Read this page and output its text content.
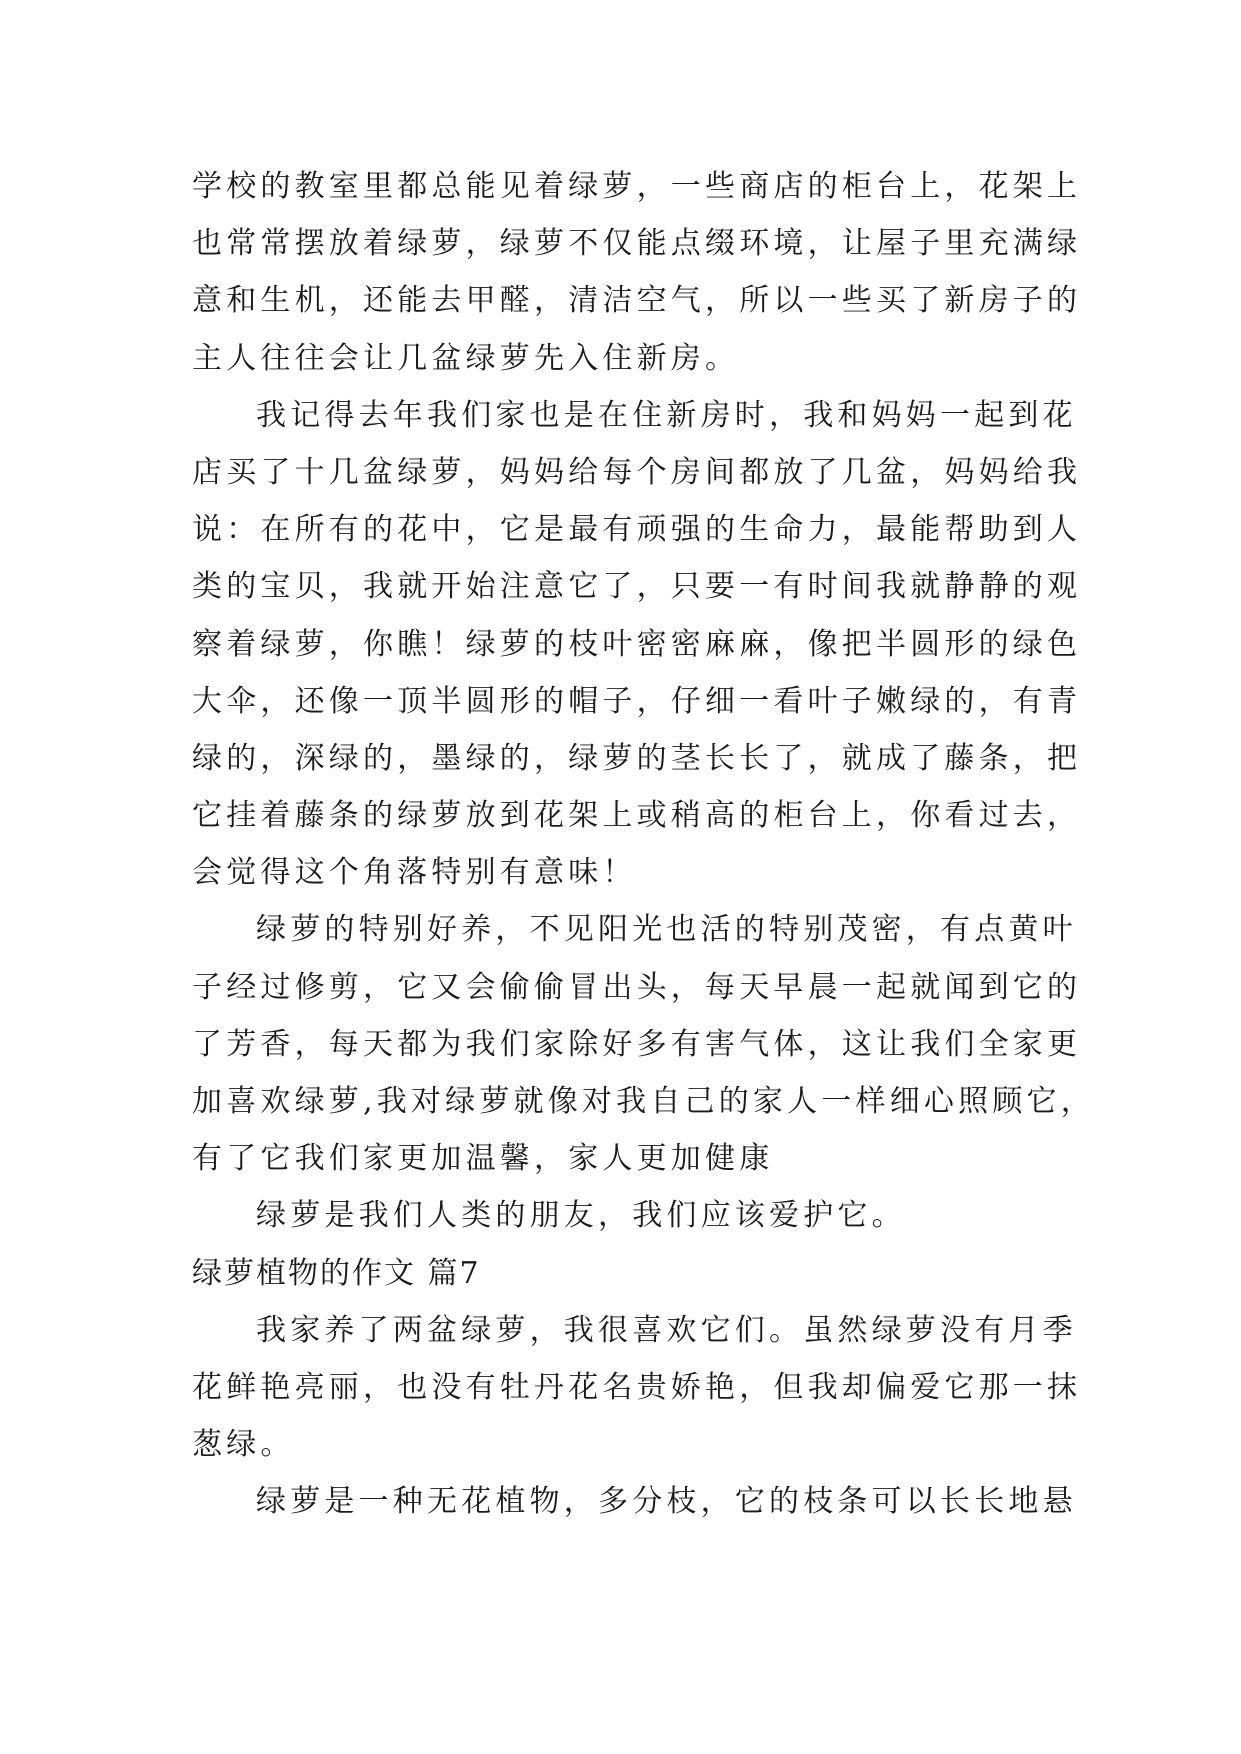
学校的教室里都总能见着绿萝，一些商店的柜台上，花架上
也常常摆放着绿萝，绿萝不仅能点缀环境，让屋子里充满绿
意和生机，还能去甲醛，清洁空气，所以一些买了新房子的
主人往往会让几盆绿萝先入住新房。
我记得去年我们家也是在住新房时，我和妈妈一起到花
店买了十几盆绿萝，妈妈给每个房间都放了几盆，妈妈给我
说：在所有的花中，它是最有顽强的生命力，最能帮助到人
类的宝贝，我就开始注意它了，只要一有时间我就静静的观
察着绿萝，你瞧！绿萝的枝叶密密麻麻，像把半圆形的绿色
大伞，还像一顶半圆形的帽子，仔细一看叶子嫩绿的，有青
绿的，深绿的，墨绿的，绿萝的茎长长了，就成了藤条，把
它挂着藤条的绿萝放到花架上或稍高的柜台上，你看过去，
会觉得这个角落特别有意味！
绿萝的特别好养，不见阳光也活的特别茂密，有点黄叶
子经过修剪，它又会偷偷冒出头，每天早晨一起就闻到它的
了芳香，每天都为我们家除好多有害气体，这让我们全家更
加喜欢绿萝,我对绿萝就像对我自己的家人一样细心照顾它，
有了它我们家更加温馨，家人更加健康
绿萝是我们人类的朋友，我们应该爱护它。
绿萝植物的作文 篇7
我家养了两盆绿萝，我很喜欢它们。虽然绿萝没有月季
花鲜艳亮丽，也没有牡丹花名贵娇艳，但我却偏爱它那一抹
葱绿。
绿萝是一种无花植物，多分枝，它的枝条可以长长地悬
